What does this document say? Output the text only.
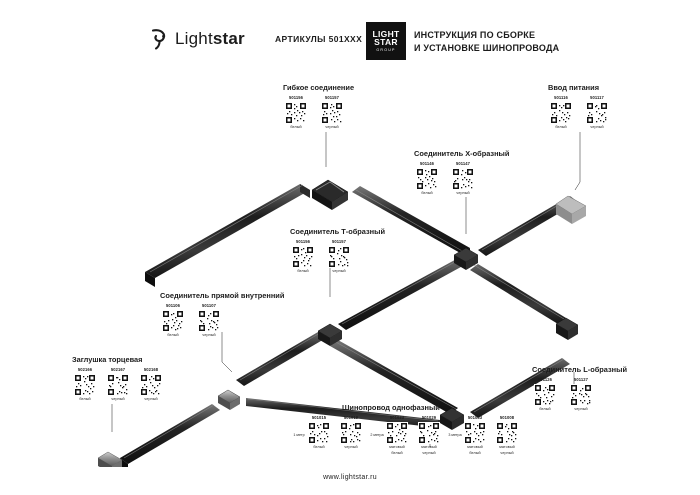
Lightstar	АРТИКУЛЫ 501XXX
LIGHT
STAR
GROUP
ИНСТРУКЦИЯ ПО СБОРКЕ
И УСТАНОВКЕ ШИНОПРОВОДА
Гибкое соединение
501156
белый
501157
черный
Ввод питания
501116
белый
501117
черный
Соединитель X-образный
501146
белый
501147
черный
Соединитель Т-образный
501156
белый
501157
черный
Соединитель прямой внутренний
501106
белый
501107
черный
Заглушка торцевая
502166
белый
502167
черный
502168
черный
Соединитель L-образный
501126
белый
501127
черный
Шинопровод однофазный
1 метр
501015
белый
501019
черный
2 метра
501023
матовый
белый
501029
матовый
черный
3 метра
501033
матовый
белый
501008
матовый
черный
www.lightstar.ru
